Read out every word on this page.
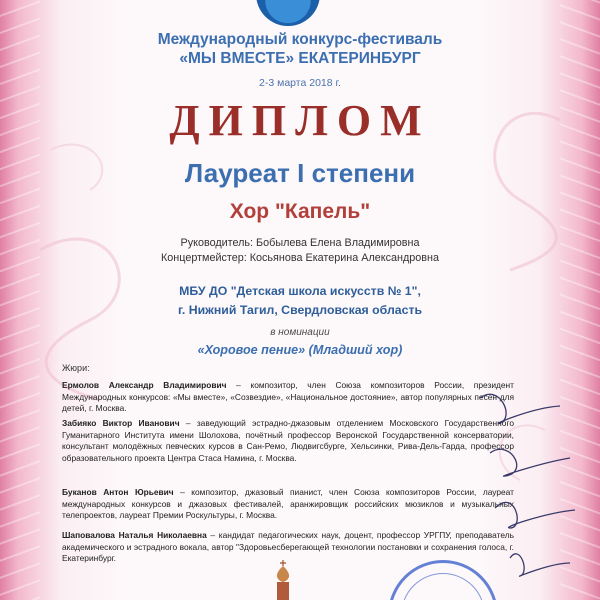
Международный конкурс-фестиваль
«МЫ ВМЕСТЕ» ЕКАТЕРИНБУРГ
2-3 марта 2018 г.
ДИПЛОМ
Лауреат I степени
Хор "Капель"
Руководитель: Бобылева Елена Владимировна
Концертмейстер: Косьянова Екатерина Александровна
МБУ ДО "Детская школа искусств № 1",
г. Нижний Тагил, Свердловская область
в номинации
«Хоровое пение» (Младший хор)
Жюри:
Ермолов Александр Владимирович – композитор, член Союза композиторов России, президент Международных конкурсов: «Мы вместе», «Созвездие», «Национальное достояние», автор популярных песен для детей, г. Москва.
Забияко Виктор Иванович – заведующий эстрадно-джазовым отделением Московского Государственного Гуманитарного Института имени Шолохова, почётный профессор Веронской Государственной консерватории, консультант молодёжных певческих курсов в Сан-Ремо, Людвигсбурге, Хельсинки, Рива-Дель-Гарда, профессор образовательного проекта Центра Стаса Намина, г. Москва.
Буканов Антон Юрьевич – композитор, джазовый пианист, член Союза композиторов России, лауреат международных конкурсов и джазовых фестивалей, аранжировщик российских мюзиклов и музыкальных телепроектов, лауреат Премии Роскультуры, г. Москва.
Шаповалова Наталья Николаевна – кандидат педагогических наук, доцент, профессор УРГПУ, преподаватель академического и эстрадного вокала, автор "Здоровьесберегающей технологии постановки и сохранения голоса, г. Екатеринбург.
